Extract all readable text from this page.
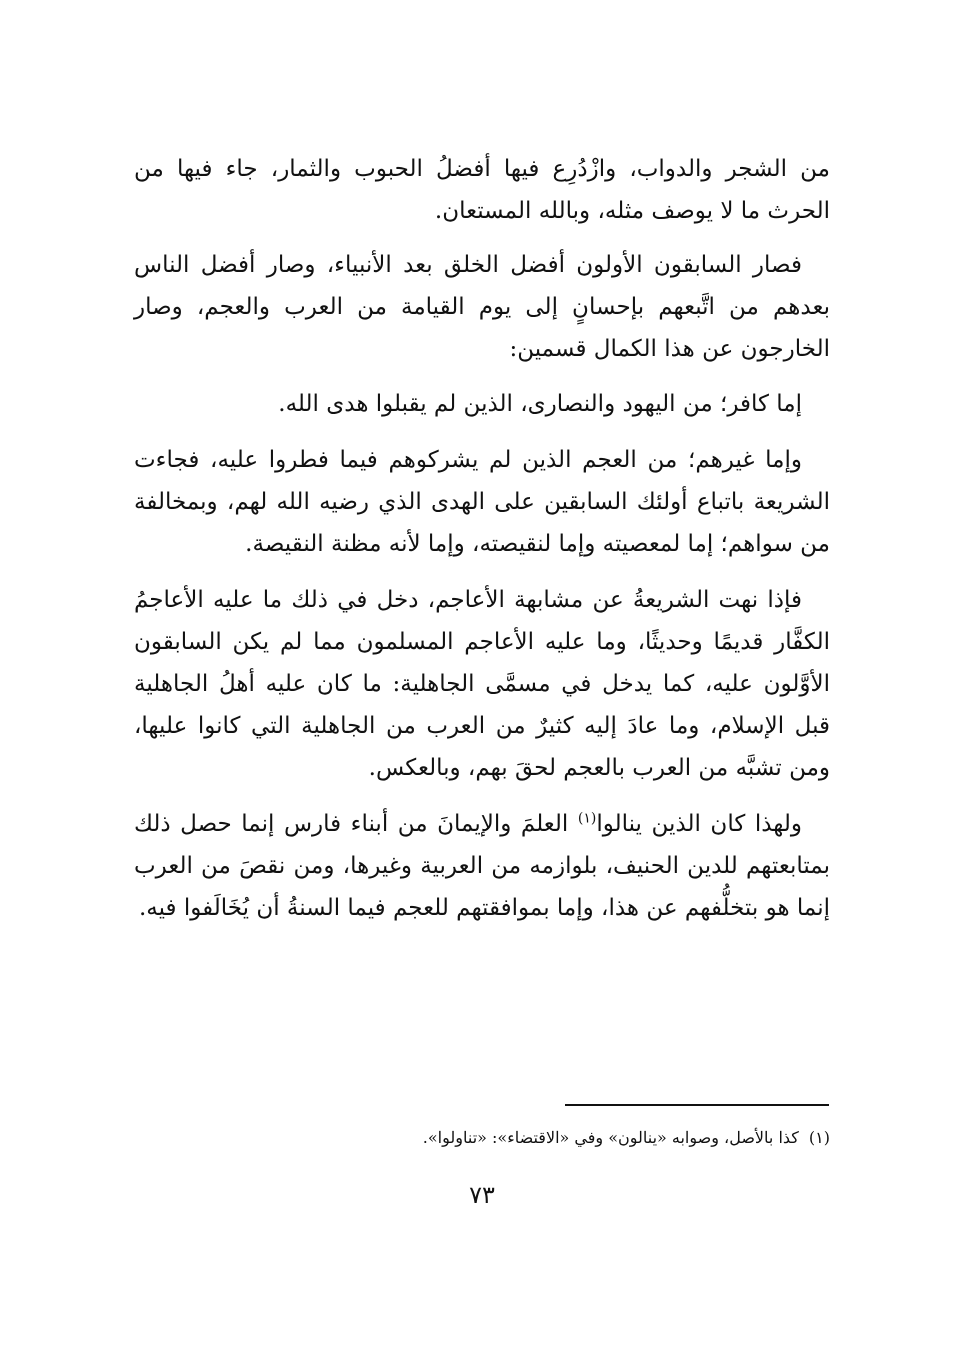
من الشجر والدواب، وازْدُرِع فيها أفضلُ الحبوب والثمار، جاء فيها من الحرث ما لا يوصف مثله، وبالله المستعان.

فصار السابقون الأولون أفضل الخلق بعد الأنبياء، وصار أفضل الناس بعدهم من اتَّبعهم بإحسانٍ إلى يوم القيامة من العرب والعجم، وصار الخارجون عن هذا الكمال قسمين:

إما كافر؛ من اليهود والنصارى، الذين لم يقبلوا هدى الله.

وإما غيرهم؛ من العجم الذين لم يشركوهم فيما فطروا عليه، فجاءت الشريعة باتباع أولئك السابقين على الهدى الذي رضيه الله لهم، وبمخالفة من سواهم؛ إما لمعصيته وإما لنقيصته، وإما لأنه مظنة النقيصة.

فإذا نهت الشريعةُ عن مشابهة الأعاجم، دخل في ذلك ما عليه الأعاجمُ الكفَّار قديمًا وحديثًا، وما عليه الأعاجم المسلمون مما لم يكن السابقون الأوَّلون عليه، كما يدخل في مسمَّى الجاهلية: ما كان عليه أهلُ الجاهلية قبل الإسلام، وما عادَ إليه كثيرٌ من العرب من الجاهلية التي كانوا عليها، ومن تشبَّه من العرب بالعجم لحقَ بهم، وبالعكس.

ولهذا كان الذين ينالوا$^{(١)}$ العلمَ والإيمانَ من أبناء فارس إنما حصل ذلك بمتابعتهم للدين الحنيف، بلوازمه من العربية وغيرها، ومن نقصَ من العرب إنما هو بتخلُّفهم عن هذا، وإما بموافقتهم للعجم فيما السنةُ أن يُخَالَفوا فيه.

(١)كذا بالأصل، وصوابه «ينالون» وفي «الاقتضاء»: «تناولوا».

٧٣
